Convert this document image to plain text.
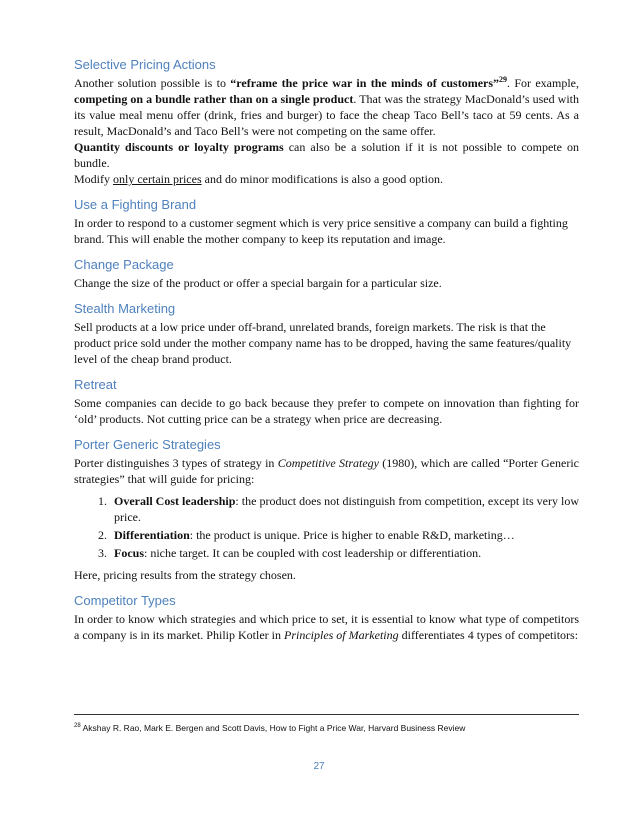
Selective Pricing Actions

Another solution possible is to “reframe the price war in the minds of customers”$^{29}$. For example, competing on a bundle rather than on a single product. That was the strategy MacDonald’s used with its value meal menu offer (drink, fries and burger) to face the cheap Taco Bell’s taco at 59 cents. As a result, MacDonald’s and Taco Bell’s were not competing on the same offer.

Quantity discounts or loyalty programs can also be a solution if it is not possible to compete on bundle.

Modify only certain prices and do minor modifications is also a good option.

Use a Fighting Brand

In order to respond to a customer segment which is very price sensitive a company can build a fighting brand. This will enable the mother company to keep its reputation and image.

Change Package

Change the size of the product or offer a special bargain for a particular size.

Stealth Marketing

Sell products at a low price under off-brand, unrelated brands, foreign markets. The risk is that the product price sold under the mother company name has to be dropped, having the same features/quality level of the cheap brand product.

Retreat

Some companies can decide to go back because they prefer to compete on innovation than fighting for ‘old’ products. Not cutting price can be a strategy when price are decreasing.

Porter Generic Strategies

Porter distinguishes 3 types of strategy in Competitive Strategy (1980), which are called “Porter Generic strategies” that will guide for pricing:

1. Overall Cost leadership: the product does not distinguish from competition, except its very low price.
2. Differentiation: the product is unique. Price is higher to enable R&D, marketing…
3. Focus: niche target. It can be coupled with cost leadership or differentiation.

Here, pricing results from the strategy chosen.

Competitor Types

In order to know which strategies and which price to set, it is essential to know what type of competitors a company is in its market. Philip Kotler in Principles of Marketing differentiates 4 types of competitors:

$^{28}$ Akshay R. Rao, Mark E. Bergen and Scott Davis, How to Fight a Price War, Harvard Business Review
27
